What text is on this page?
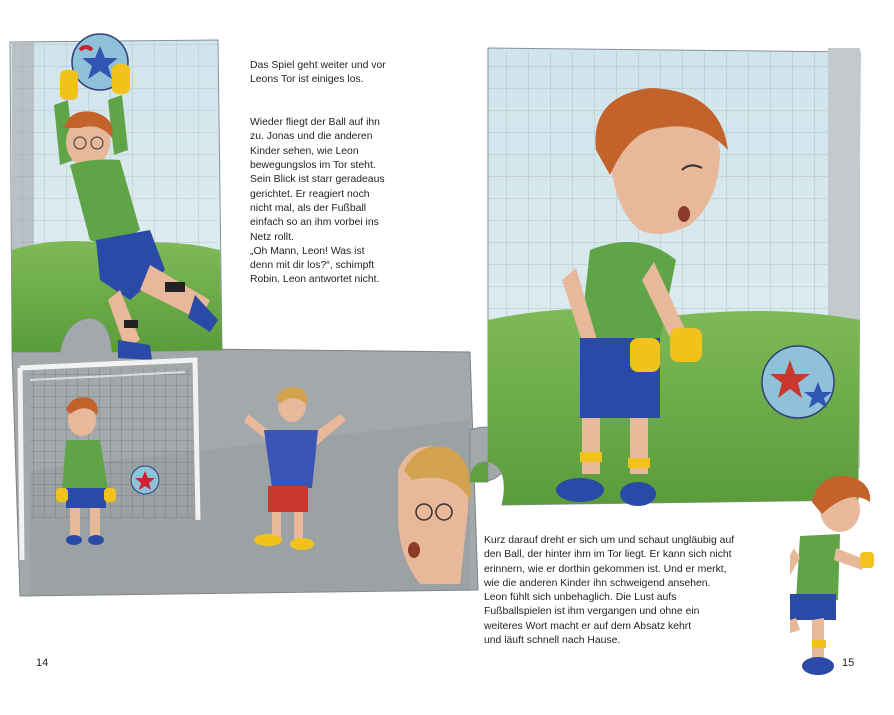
Das Spiel geht weiter und vor
Leons Tor ist einiges los.

Wieder fliegt der Ball auf ihn
zu. Jonas und die anderen
Kinder sehen, wie Leon
bewegungslos im Tor steht.
Sein Blick ist starr geradeaus
gerichtet. Er reagiert noch
nicht mal, als der Fußball
einfach so an ihm vorbei ins
Netz rollt.
„Oh Mann, Leon! Was ist
denn mit dir los?“, schimpft
Robin. Leon antwortet nicht.

Kurz darauf dreht er sich um und schaut ungläubig auf
den Ball, der hinter ihm im Tor liegt. Er kann sich nicht
erinnern, wie er dorthin gekommen ist. Und er merkt,
wie die anderen Kinder ihn schweigend ansehen.
Leon fühlt sich unbehaglich. Die Lust aufs
Fußballspielen ist ihm vergangen und ohne ein
weiteres Wort macht er auf dem Absatz kehrt
und läuft schnell nach Hause.

14	15
